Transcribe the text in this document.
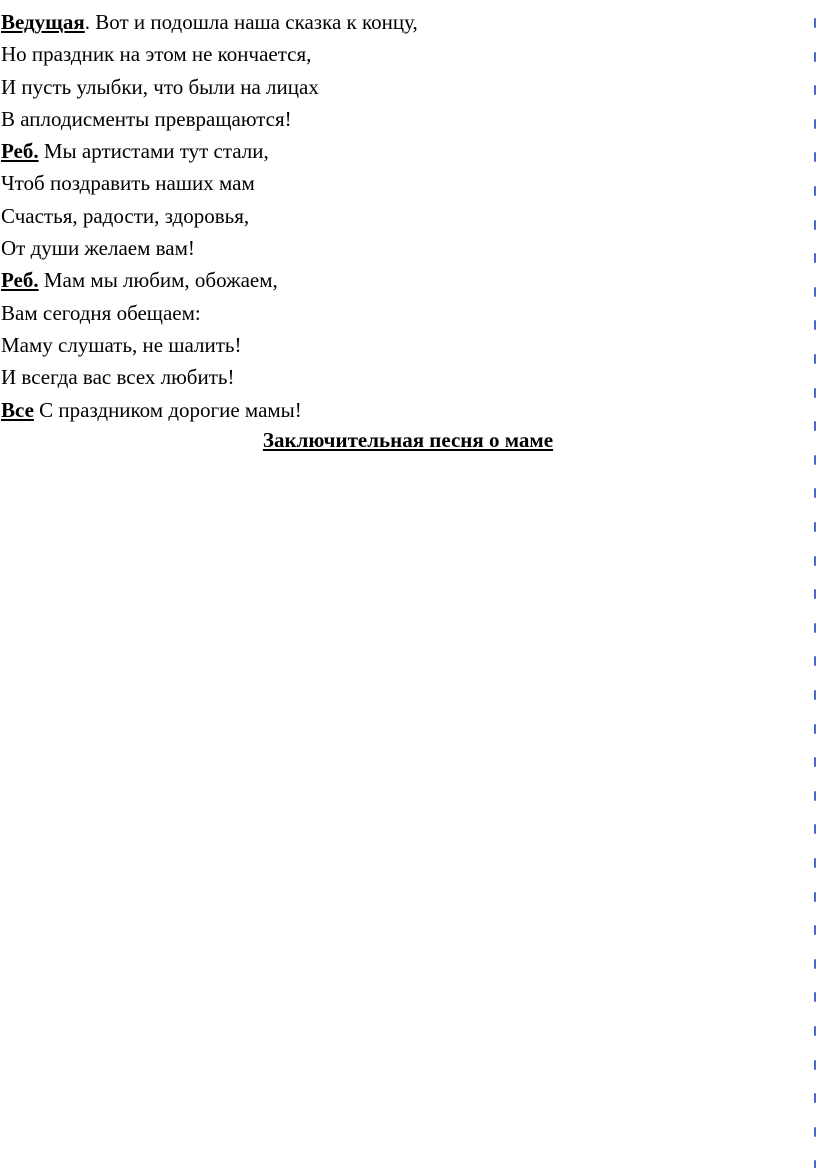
Ведущая. Вот и подошла наша сказка к концу,
Но праздник на этом не кончается,
И пусть улыбки, что были на лицах
В аплодисменты превращаются!
Реб. Мы артистами тут стали,
Чтоб поздравить наших мам
Счастья, радости, здоровья,
От души желаем вам!
Реб. Мам мы любим, обожаем,
Вам сегодня обещаем:
Маму слушать, не шалить!
И всегда вас всех любить!
Все С праздником дорогие мамы!
Заключительная песня о маме
